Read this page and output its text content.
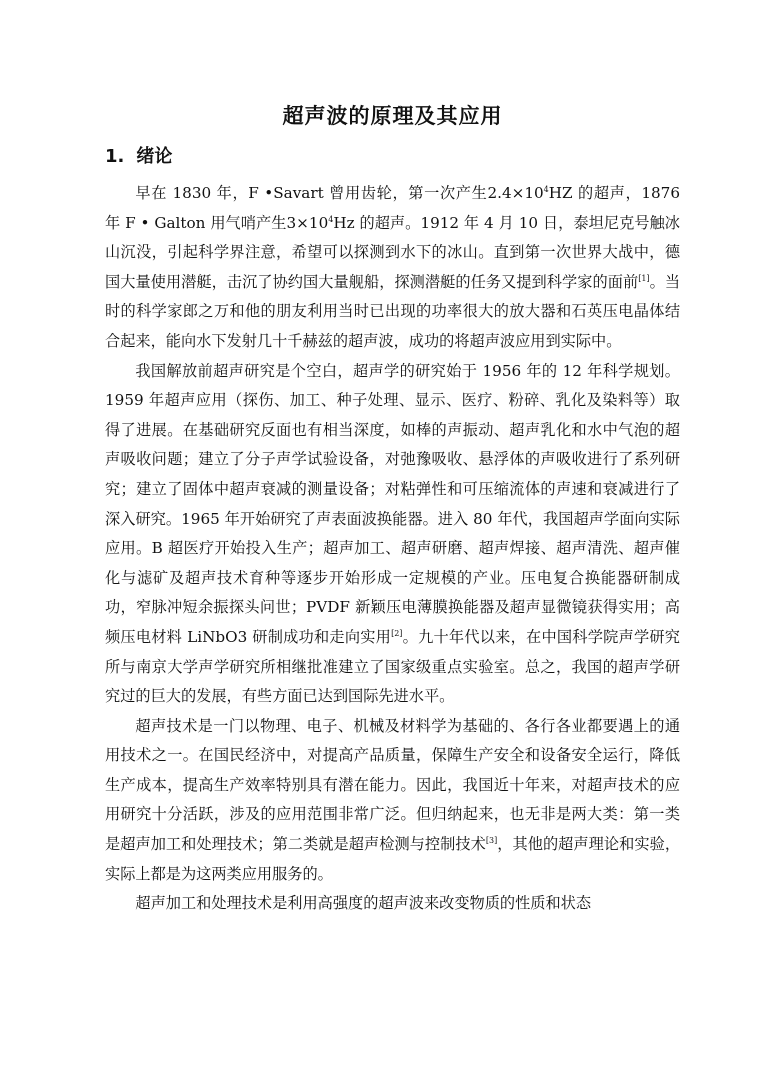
超声波的原理及其应用
1. 绪论

早在 1830 年，F •Savart 曾用齿轮，第一次产生$2.4\times 10^4HZ$ 的超声，1876 年 F • Galton 用气哨产生$3\times 10^4Hz$ 的超声。1912 年 4 月 10 日，泰坦尼克号触冰山沉没，引起科学界注意，希望可以探测到水下的冰山。直到第一次世界大战中，德国大量使用潜艇，击沉了协约国大量舰船，探测潜艇的任务又提到科学家的面前[1]。当时的科学家郎之万和他的朋友利用当时已出现的功率很大的放大器和石英压电晶体结合起来，能向水下发射几十千赫兹的超声波，成功的将超声波应用到实际中。

我国解放前超声研究是个空白，超声学的研究始于 1956 年的 12 年科学规划。1959 年超声应用（探伤、加工、种子处理、显示、医疗、粉碎、乳化及染料等）取得了进展。在基础研究反面也有相当深度，如棒的声振动、超声乳化和水中气泡的超声吸收问题；建立了分子声学试验设备，对弛豫吸收、悬浮体的声吸收进行了系列研究；建立了固体中超声衰减的测量设备；对粘弹性和可压缩流体的声速和衰减进行了深入研究。1965 年开始研究了声表面波换能器。进入 80 年代，我国超声学面向实际应用。B 超医疗开始投入生产；超声加工、超声研磨、超声焊接、超声清洗、超声催化与滤矿及超声技术育种等逐步开始形成一定规模的产业。压电复合换能器研制成功，窄脉冲短余振探头问世；PVDF 新颖压电薄膜换能器及超声显微镜获得实用；高频压电材料 LiNbO3 研制成功和走向实用[2]。九十年代以来，在中国科学院声学研究所与南京大学声学研究所相继批准建立了国家级重点实验室。总之，我国的超声学研究过的巨大的发展，有些方面已达到国际先进水平。

超声技术是一门以物理、电子、机械及材料学为基础的、各行各业都要遇上的通用技术之一。在国民经济中，对提高产品质量，保障生产安全和设备安全运行，降低生产成本，提高生产效率特别具有潜在能力。因此，我国近十年来，对超声技术的应用研究十分活跃，涉及的应用范围非常广泛。但归纳起来，也无非是两大类：第一类是超声加工和处理技术；第二类就是超声检测与控制技术[3]，其他的超声理论和实验，实际上都是为这两类应用服务的。

超声加工和处理技术是利用高强度的超声波来改变物质的性质和状态
